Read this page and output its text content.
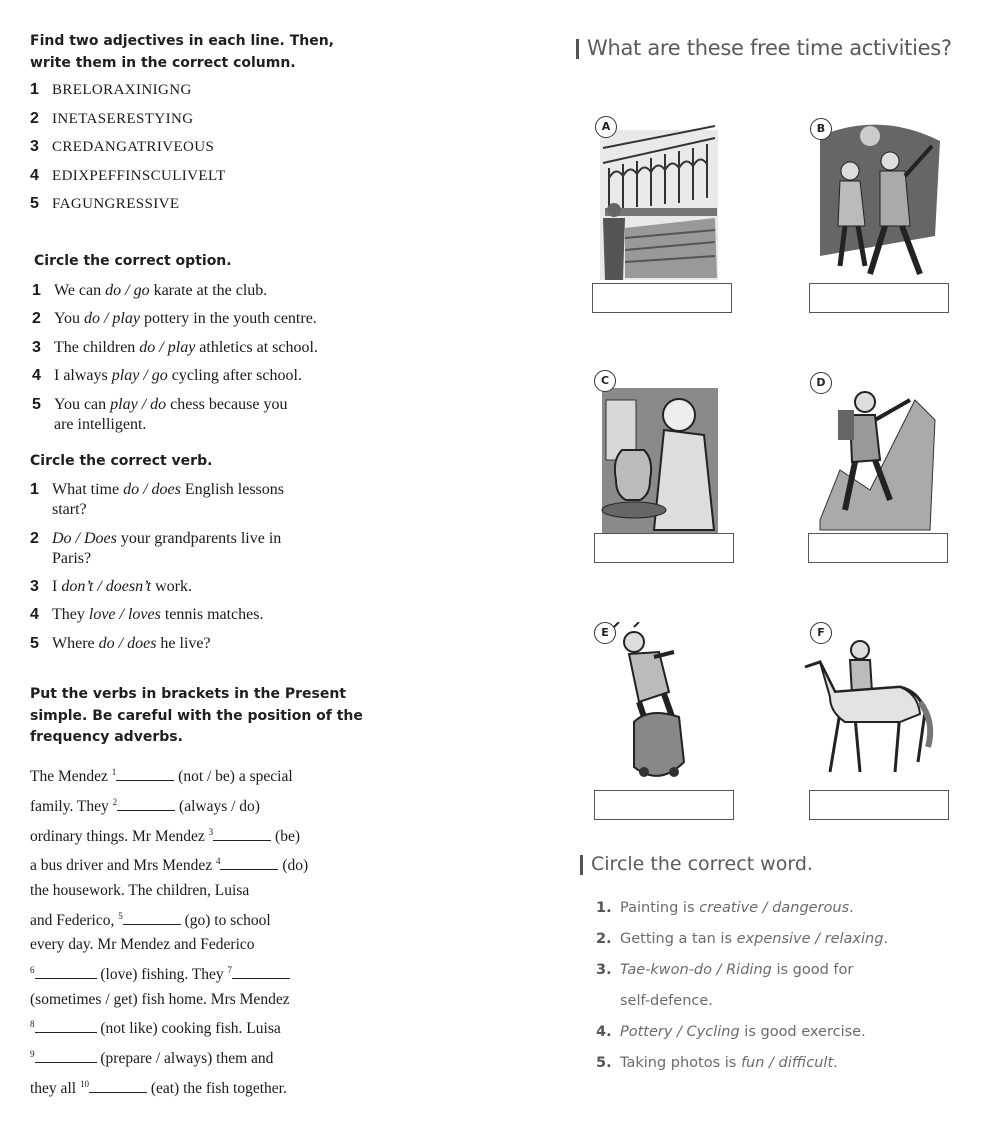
Find two adjectives in each line. Then,
write them in the correct column.
1 BRELORAXINIGNG
2 INETASERESTYING
3 CREDANGATRIVEOUS
4 EDIXPEFFINSCULIVELT
5 FAGUNGRESSIVE
Circle the correct option.
1 We can do / go karate at the club.
2 You do / play pottery in the youth centre.
3 The children do / play athletics at school.
4 I always play / go cycling after school.
5 You can play / do chess because you
are intelligent.
Circle the correct verb.
1 What time do / does English lessons
start?
2 Do / Does your grandparents live in
Paris?
3 I don’t / doesn’t work.
4 They love / loves tennis matches.
5 Where do / does he live?
Put the verbs in brackets in the Present
simple. Be careful with the position of the
frequency adverbs.
The Mendez $^1$	(not / be) a special
family. They $^2$	(always / do)
ordinary things. Mr Mendez $^3$	(be)
a bus driver and Mrs Mendez $^4$	(do)
the housework. The children, Luisa
and Federico, $^5$	(go) to school
every day. Mr Mendez and Federico
$^6$	(love) fishing. They $^7$
(sometimes / get) fish home. Mrs Mendez
$^8$	(not like) cooking fish. Luisa
$^9$	(prepare / always) them and
they all $^{10}$	(eat) the fish together.
What are these free time activities?
A	B
C	D
E	F
Circle the correct word.
1. Painting is creative / dangerous.
2. Getting a tan is expensive / relaxing.
3. Tae-kwon-do / Riding is good for
self-defence.
4. Pottery / Cycling is good exercise.
5. Taking photos is fun / difficult.
